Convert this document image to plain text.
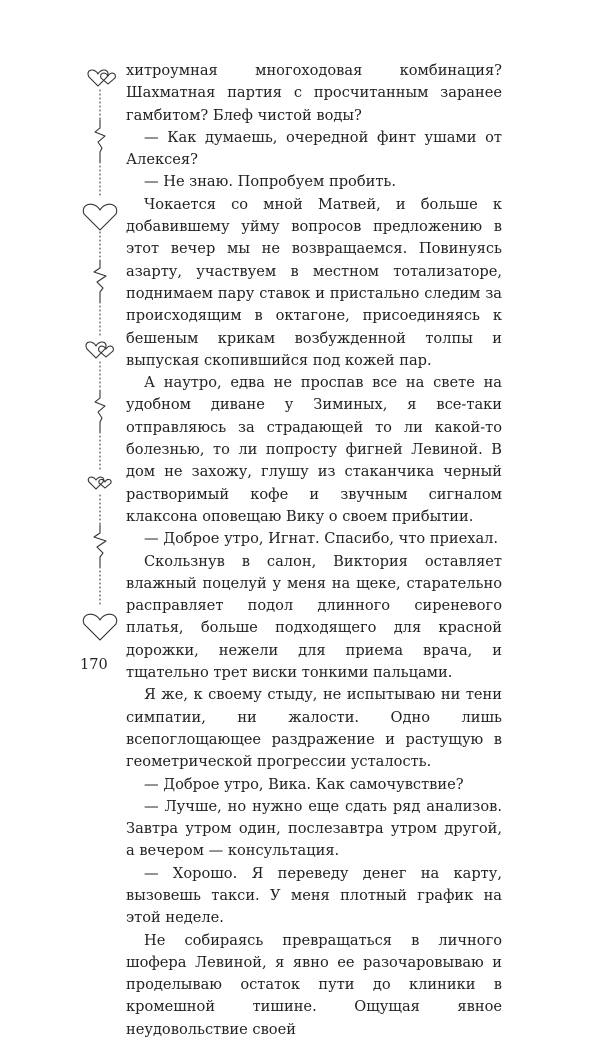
хитроумная многоходовая комбинация? Шахматная партия с просчитанным заранее гамбитом? Блеф чистой воды?

— Как думаешь, очередной финт ушами от Алексея?

— Не знаю. Попробуем пробить.

Чокается со мной Матвей, и больше к добавившему уйму вопросов предложению в этот вечер мы не возвращаемся. Повинуясь азарту, участвуем в местном тотализаторе, поднимаем пару ставок и пристально следим за происходящим в октагоне, присоединяясь к бешеным крикам возбужденной толпы и выпуская скопившийся под кожей пар.

А наутро, едва не проспав все на свете на удобном диване у Зиминых, я все-таки отправляюсь за страдающей то ли какой-то болезнью, то ли попросту фигней Левиной. В дом не захожу, глушу из стаканчика черный растворимый кофе и звучным сигналом клаксона оповещаю Вику о своем прибытии.

— Доброе утро, Игнат. Спасибо, что приехал.

Скользнув в салон, Виктория оставляет влажный поцелуй у меня на щеке, старательно расправляет подол длинного сиреневого платья, больше подходящего для красной дорожки, нежели для приема врача, и тщательно трет виски тонкими пальцами.

Я же, к своему стыду, не испытываю ни тени симпатии, ни жалости. Одно лишь всепоглощающее раздражение и растущую в геометрической прогрессии усталость.

— Доброе утро, Вика. Как самочувствие?

— Лучше, но нужно еще сдать ряд анализов. Завтра утром один, послезавтра утром другой, а вечером — консультация.

— Хорошо. Я переведу денег на карту, вызовешь такси. У меня плотный график на этой неделе.

Не собираясь превращаться в личного шофера Левиной, я явно ее разочаровываю и проделываю остаток пути до клиники в кромешной тишине. Ощущая явное неудовольствие своей

170
